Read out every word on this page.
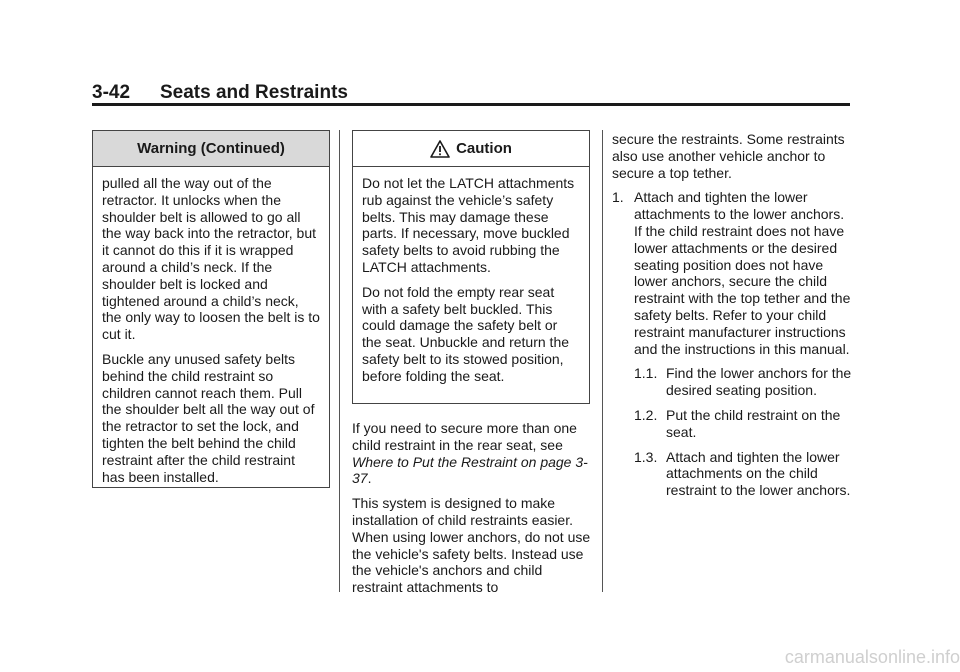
3-42 Seats and Restraints
Warning (Continued)

pulled all the way out of the retractor. It unlocks when the shoulder belt is allowed to go all the way back into the retractor, but it cannot do this if it is wrapped around a child’s neck. If the shoulder belt is locked and tightened around a child’s neck, the only way to loosen the belt is to cut it.

Buckle any unused safety belts behind the child restraint so children cannot reach them. Pull the shoulder belt all the way out of the retractor to set the lock, and tighten the belt behind the child restraint after the child restraint has been installed.

Caution

Do not let the LATCH attachments rub against the vehicle’s safety belts. This may damage these parts. If necessary, move buckled safety belts to avoid rubbing the LATCH attachments.

Do not fold the empty rear seat with a safety belt buckled. This could damage the safety belt or the seat. Unbuckle and return the safety belt to its stowed position, before folding the seat.

If you need to secure more than one child restraint in the rear seat, see Where to Put the Restraint on page 3-37.

This system is designed to make installation of child restraints easier. When using lower anchors, do not use the vehicle's safety belts. Instead use the vehicle's anchors and child restraint attachments to

secure the restraints. Some restraints also use another vehicle anchor to secure a top tether.

1. Attach and tighten the lower attachments to the lower anchors. If the child restraint does not have lower attachments or the desired seating position does not have lower anchors, secure the child restraint with the top tether and the safety belts. Refer to your child restraint manufacturer instructions and the instructions in this manual.
1.1. Find the lower anchors for the desired seating position.
1.2. Put the child restraint on the seat.
1.3. Attach and tighten the lower attachments on the child restraint to the lower anchors.
carmanualsonline.info
